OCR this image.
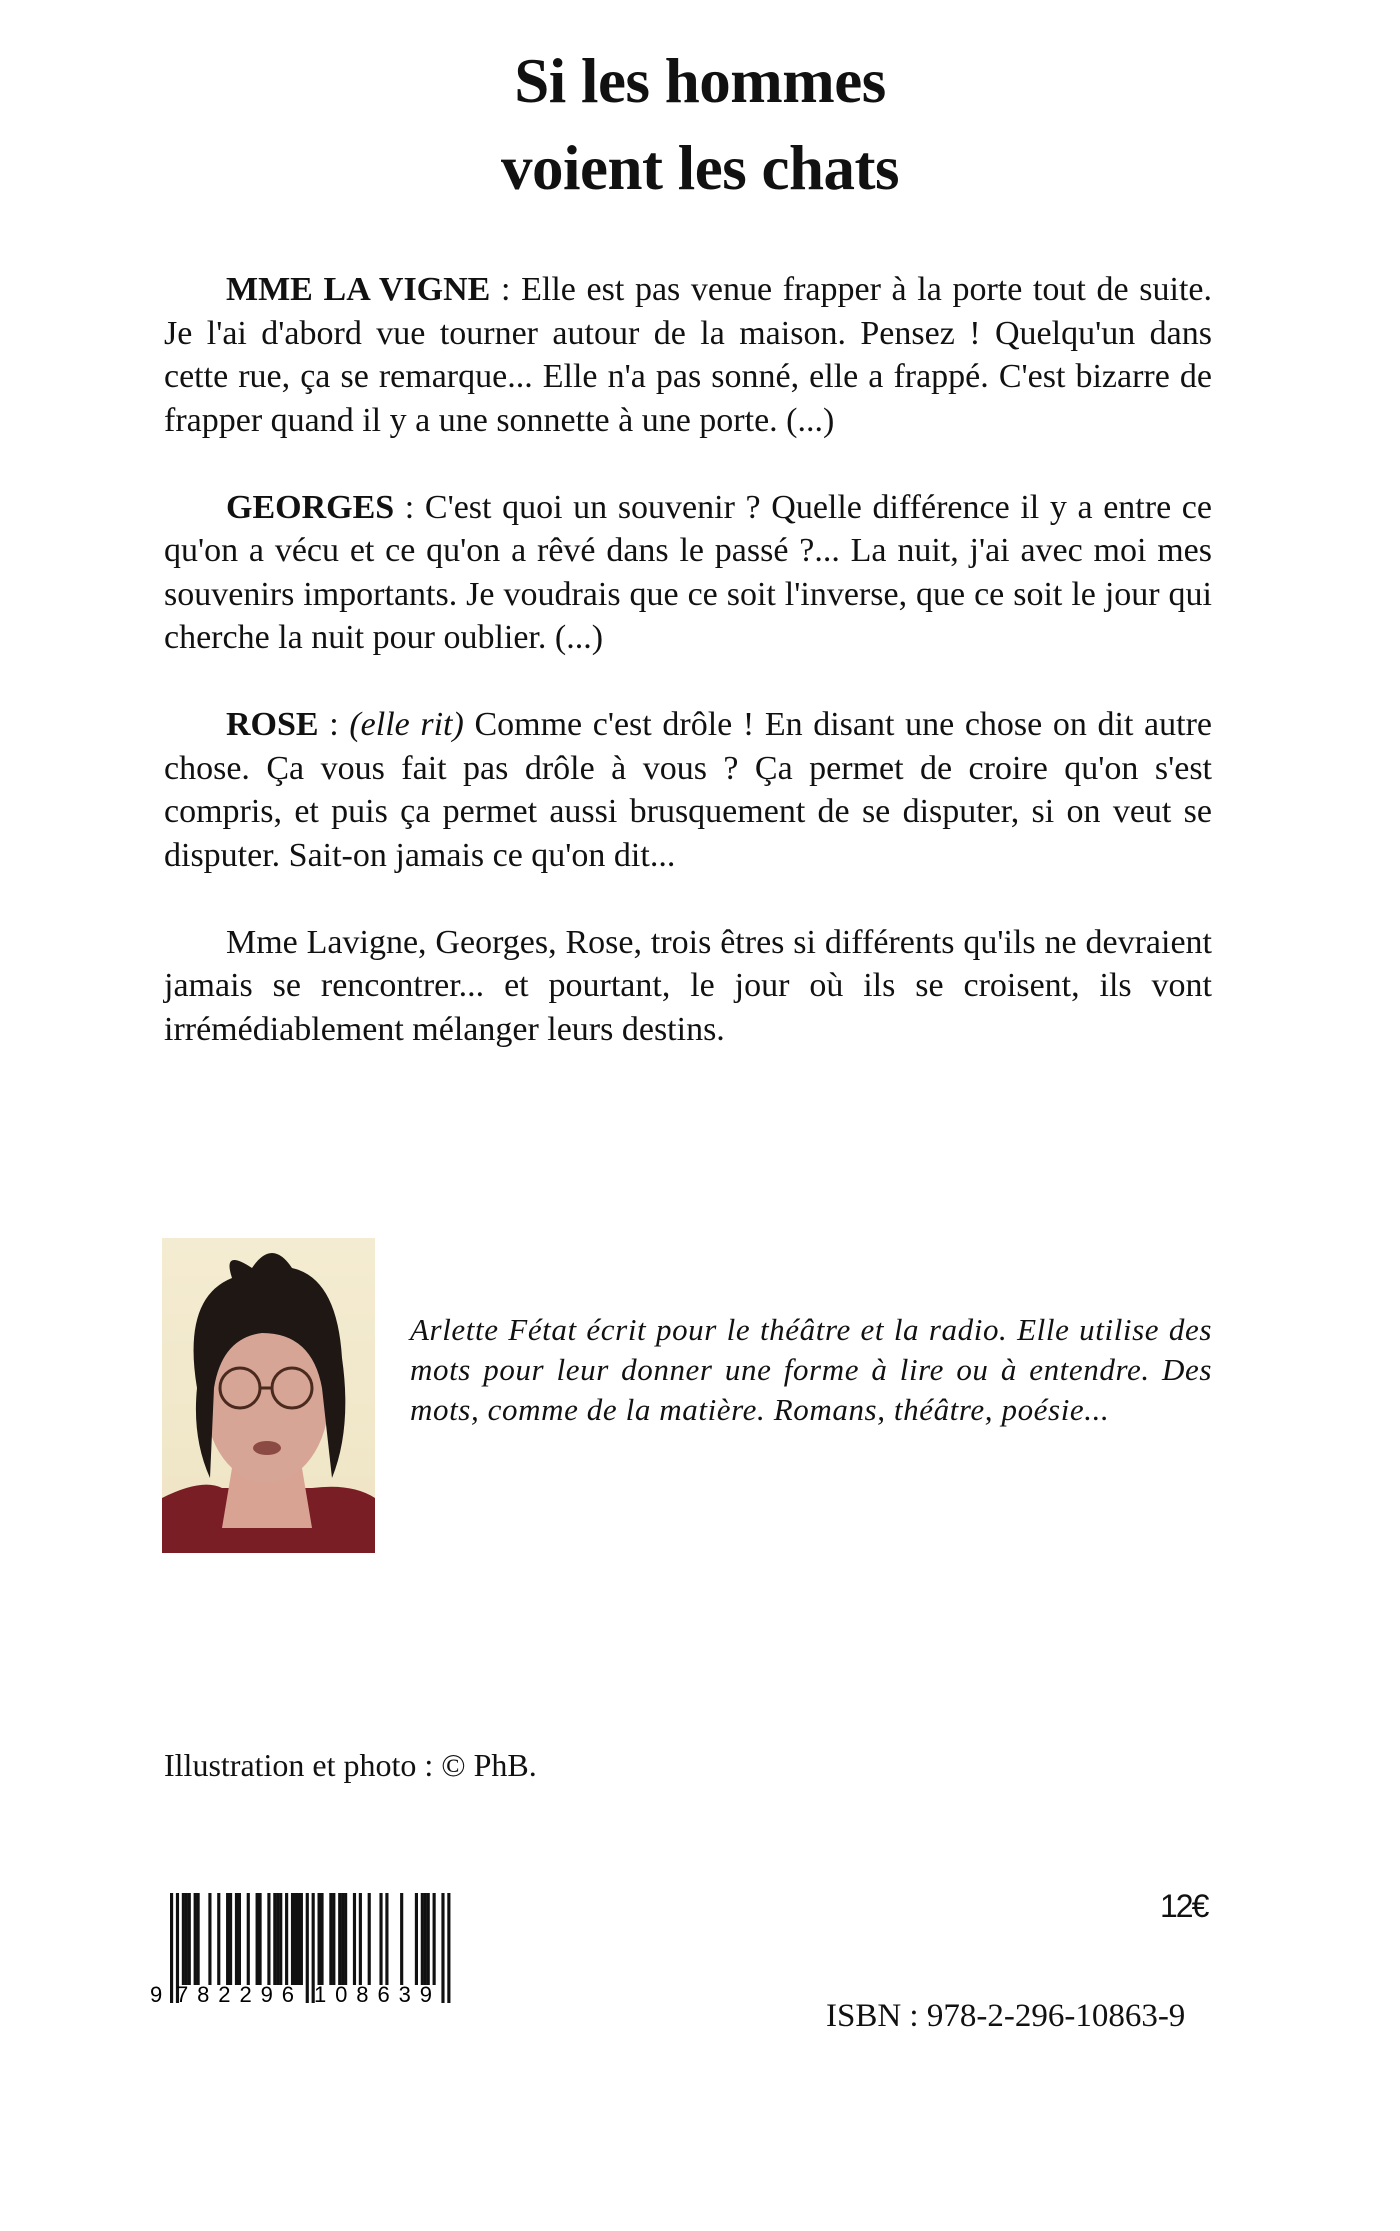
Si les hommes
voient les chats

MME LA VIGNE : Elle est pas venue frapper à la porte tout de suite. Je l'ai d'abord vue tourner autour de la maison. Pensez ! Quelqu'un dans cette rue, ça se remarque... Elle n'a pas sonné, elle a frappé. C'est bizarre de frapper quand il y a une sonnette à une porte. (...)

GEORGES : C'est quoi un souvenir ? Quelle différence il y a entre ce qu'on a vécu et ce qu'on a rêvé dans le passé ?... La nuit, j'ai avec moi mes souvenirs importants. Je voudrais que ce soit l'inverse, que ce soit le jour qui cherche la nuit pour oublier. (...)

ROSE : (elle rit) Comme c'est drôle ! En disant une chose on dit autre chose. Ça vous fait pas drôle à vous ? Ça permet de croire qu'on s'est compris, et puis ça permet aussi brusquement de se disputer, si on veut se disputer. Sait-on jamais ce qu'on dit...

Mme Lavigne, Georges, Rose, trois êtres si différents qu'ils ne devraient jamais se rencontrer... et pourtant, le jour où ils se croisent, ils vont irrémédiablement mélanger leurs destins.

Arlette Fétat écrit pour le théâtre et la radio. Elle utilise des mots pour leur donner une forme à lire ou à entendre. Des mots, comme de la matière. Romans, théâtre, poésie...
Illustration et photo : © PhB.
9 782296 108639
12€
ISBN : 978-2-296-10863-9
